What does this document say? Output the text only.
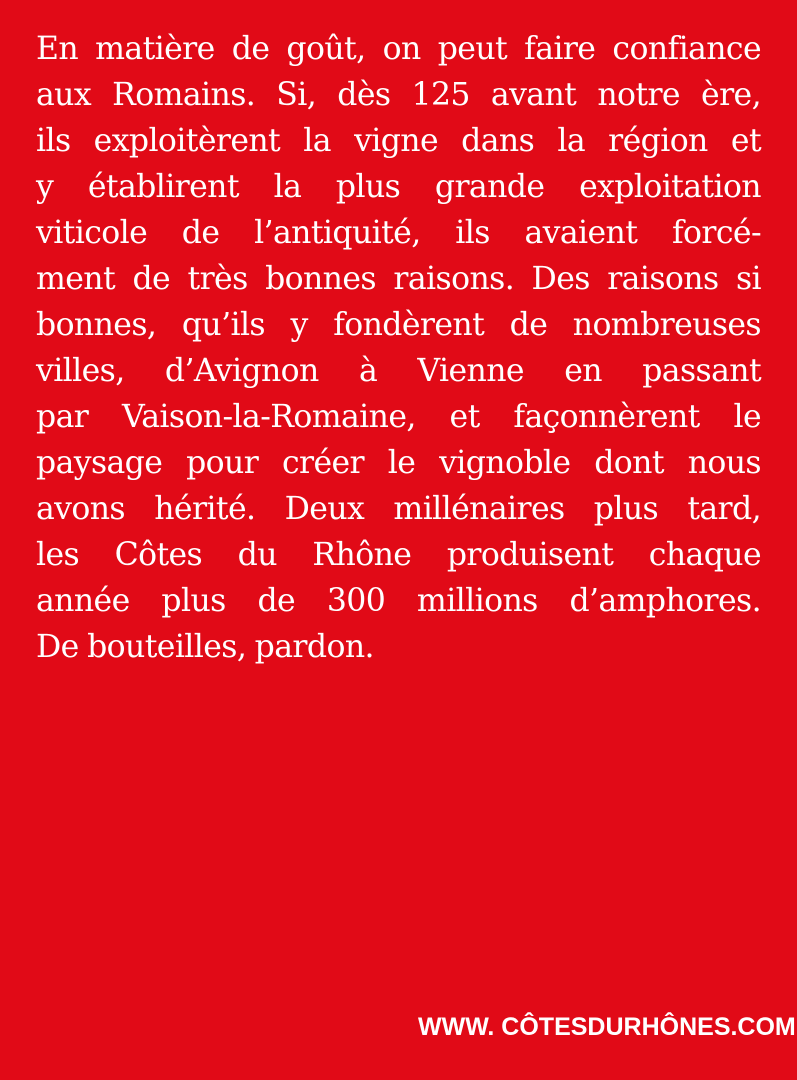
En matière de goût, on peut faire confiance
aux Romains. Si, dès 125 avant notre ère,
ils exploitèrent la vigne dans la région et
y établirent la plus grande exploitation
viticole de l’antiquité, ils avaient forcé-
ment de très bonnes raisons. Des raisons si
bonnes, qu’ils y fondèrent de nombreuses
villes, d’Avignon à Vienne en passant
par Vaison-la-Romaine, et façonnèrent le
paysage pour créer le vignoble dont nous
avons hérité. Deux millénaires plus tard,
les Côtes du Rhône produisent chaque
année plus de 300 millions d’amphores.
De bouteilles, pardon.

WWW. CÔTESDURHÔNES.COM
